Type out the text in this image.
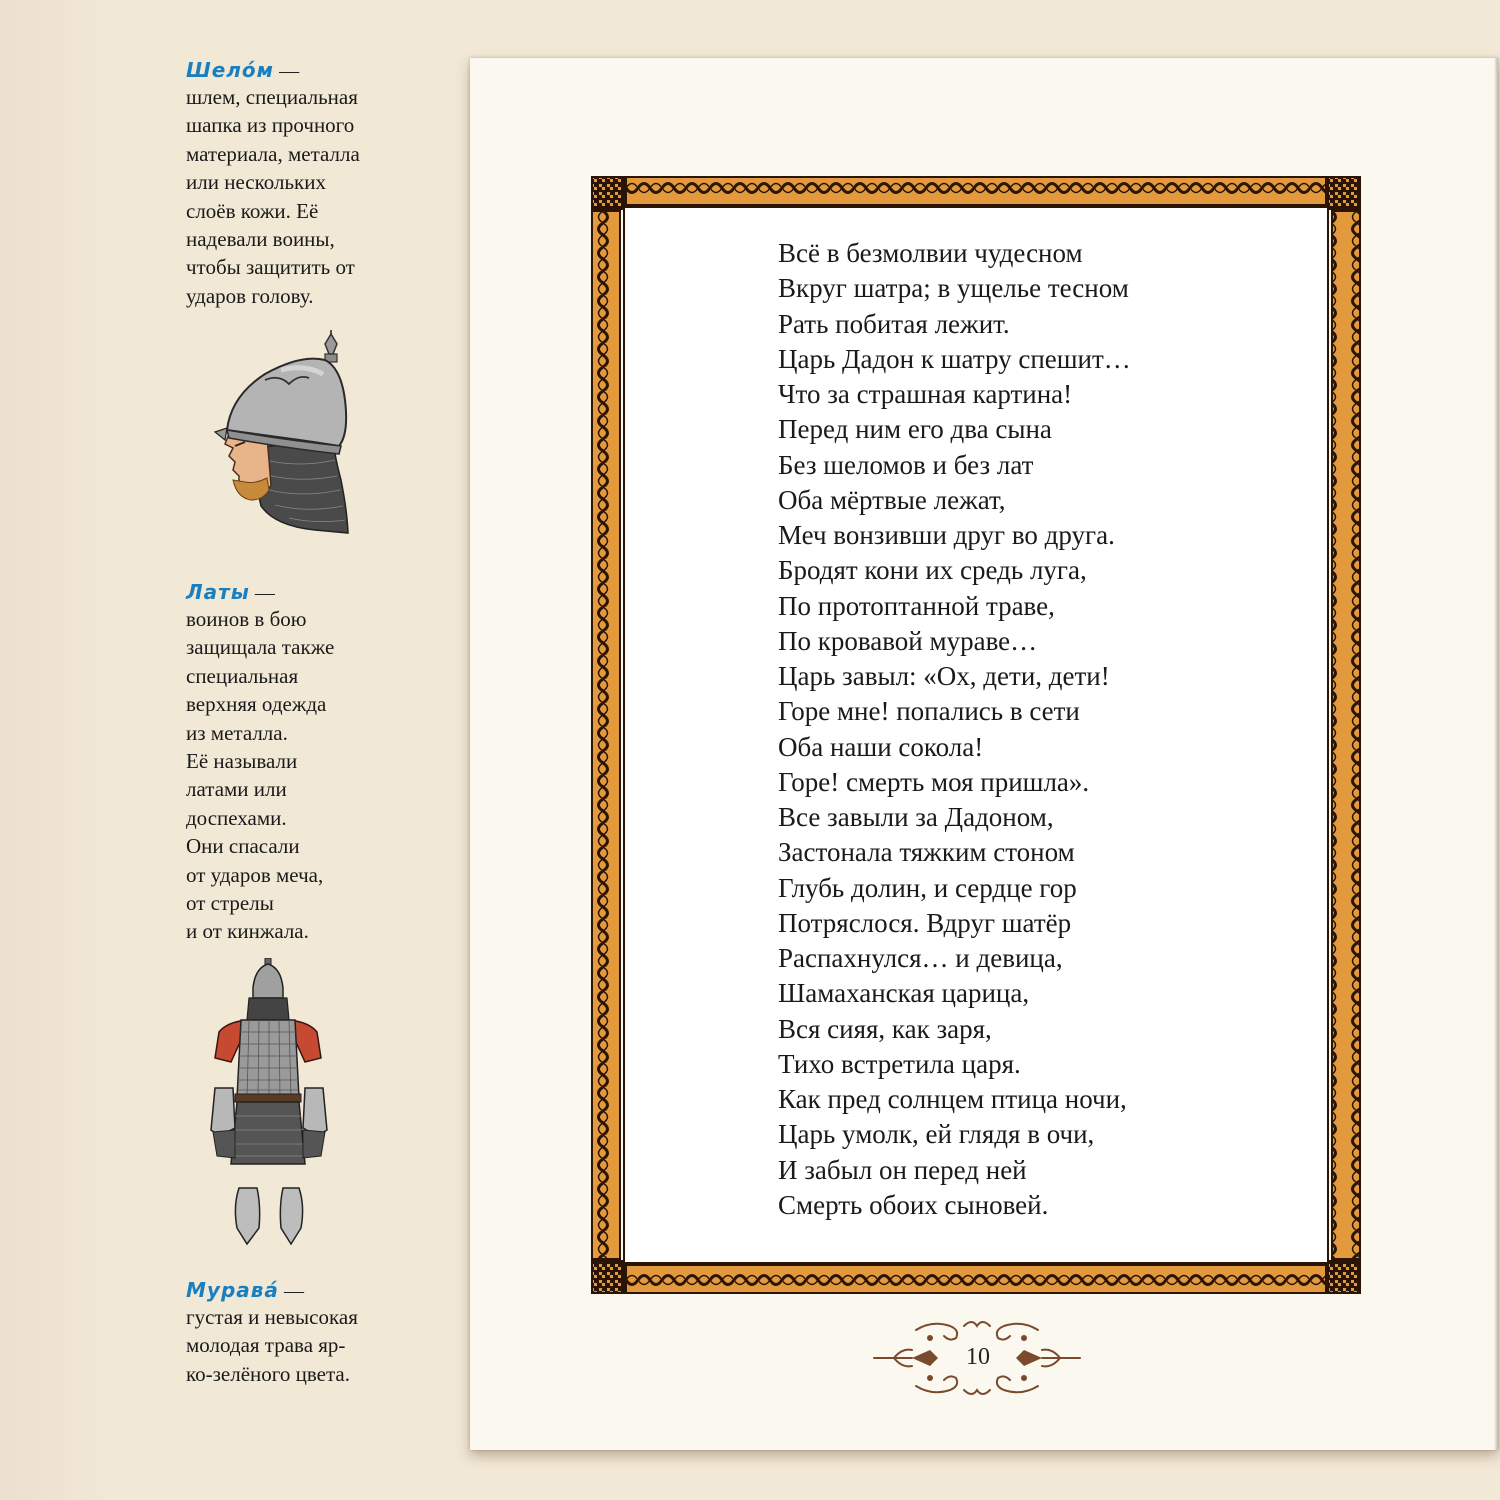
Шело́м —

шлем, специальная
шапка из прочного
материала, металла
или нескольких
слоёв кожи. Её
надевали воины,
чтобы защитить от
ударов голову.

Латы —

воинов в бою
защищала также
специальная
верхняя одежда
из металла.
Её называли
латами или
доспехами.
Они спасали
от ударов меча,
от стрелы
и от кинжала.

Мурава́ —

густая и невысокая
молодая трава яр-
ко-зелёного цвета.

Всё в безмолвии чудесном
Вкруг шатра; в ущелье тесном
Рать побитая лежит.
Царь Дадон к шатру спешит…
Что за страшная картина!
Перед ним его два сына
Без шеломов и без лат
Оба мёртвые лежат,
Меч вонзивши друг во друга.
Бродят кони их средь луга,
По протоптанной траве,
По кровавой мураве…
Царь завыл: «Ох, дети, дети!
Горе мне! попались в сети
Оба наши сокола!
Горе! смерть моя пришла».
Все завыли за Дадоном,
Застонала тяжким стоном
Глубь долин, и сердце гор
Потряслося. Вдруг шатёр
Распахнулся… и девица,
Шамаханская царица,
Вся сияя, как заря,
Тихо встретила царя.
Как пред солнцем птица ночи,
Царь умолк, ей глядя в очи,
И забыл он перед ней
Смерть обоих сыновей.
10
